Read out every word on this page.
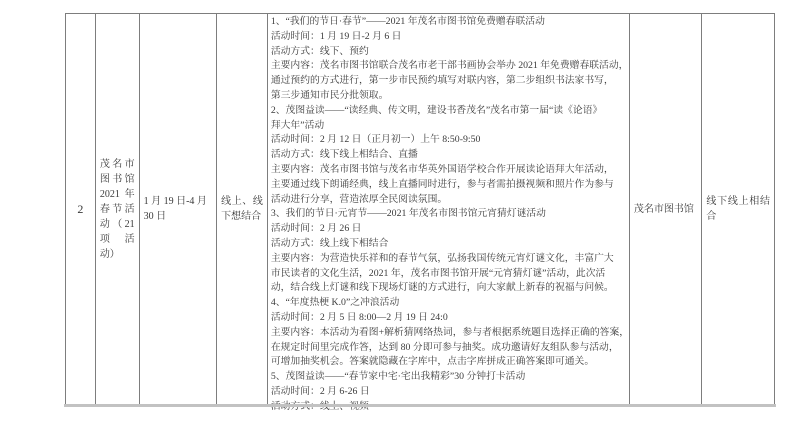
2
茂名市图书馆2021 年春节活动（21 项活动）
1 月 19 日-4 月 30 日
线上、线下想结合
1、“我们的节日·春节”——2021 年茂名市图书馆免费赠春联活动
活动时间：1 月 19 日-2 月 6 日
活动方式：线下、预约
主要内容：茂名市图书馆联合茂名市老干部书画协会举办 2021 年免费赠春联活动，
通过预约的方式进行，第一步市民预约填写对联内容，第二步组织书法家书写，
第三步通知市民分批领取。
2、茂图益读——“读经典、传文明，建设书香茂名”茂名市第一届“读《论语》
拜大年”活动
活动时间：2 月 12 日（正月初一）上午 8:50-9:50
活动方式：线下线上相结合、直播
主要内容：茂名市图书馆与茂名市华英外国语学校合作开展读论语拜大年活动，
主要通过线下朗诵经典，线上直播同时进行，参与者需拍摄视频和照片作为参与
活动进行分享，营造浓厚全民阅读氛围。
3、我们的节日·元宵节——2021 年茂名市图书馆元宵猜灯谜活动
活动时间：2 月 26 日
活动方式：线上线下相结合
主要内容：为营造快乐祥和的春节气氛，弘扬我国传统元宵灯谜文化，丰富广大
市民读者的文化生活，2021 年，茂名市图书馆开展“元宵猜灯谜”活动，此次活
动，结合线上灯谜和线下现场灯谜的方式进行，向大家献上新春的祝福与问候。
4、“年度热梗 K.0”之冲浪活动
活动时间：2 月 5 日 8:00—2 月 19 日 24:0
主要内容：本活动为看图+解析猜网络热词，参与者根据系统题目选择正确的答案，
在规定时间里完成作答，达到 80 分即可参与抽奖。成功邀请好友组队参与活动，
可增加抽奖机会。答案就隐藏在字库中，点击字库拼成正确答案即可通关。
5、茂图益读——“春节家中宅·宅出我精彩”30 分钟打卡活动
活动时间：2 月 6-26 日
茂名市图书馆
线下线上相结合
